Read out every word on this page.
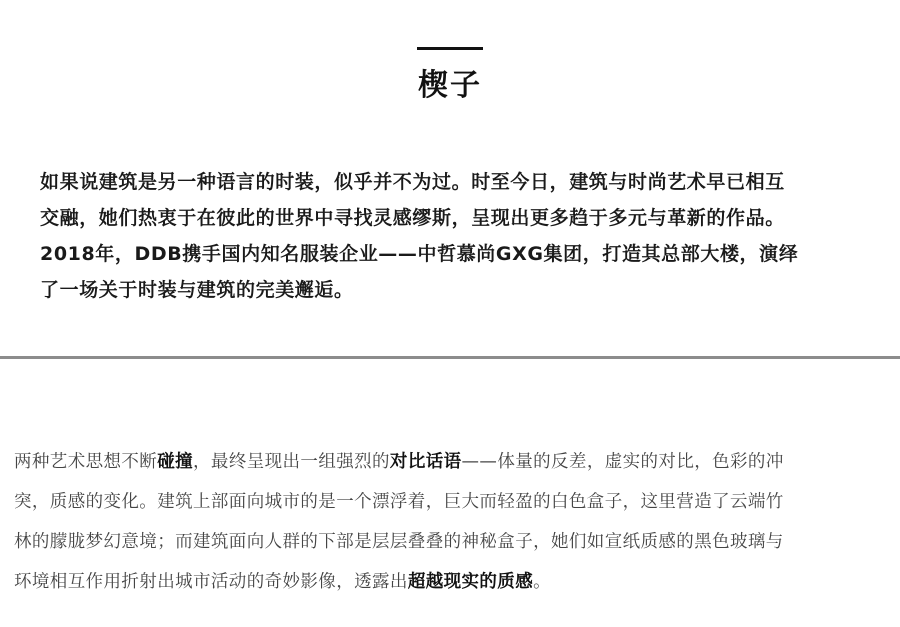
楔子

如果说建筑是另一种语言的时装，似乎并不为过。时至今日，建筑与时尚艺术早已相互

交融，她们热衷于在彼此的世界中寻找灵感缪斯，呈现出更多趋于多元与革新的作品。

2018年，DDB携手国内知名服装企业——中哲慕尚GXG集团，打造其总部大楼，演绎

了一场关于时装与建筑的完美邂逅。

两种艺术思想不断碰撞，最终呈现出一组强烈的对比话语——体量的反差，虚实的对比，色彩的冲

突，质感的变化。建筑上部面向城市的是一个漂浮着，巨大而轻盈的白色盒子，这里营造了云端竹

林的朦胧梦幻意境；而建筑面向人群的下部是层层叠叠的神秘盒子，她们如宣纸质感的黑色玻璃与

环境相互作用折射出城市活动的奇妙影像，透露出超越现实的质感。
